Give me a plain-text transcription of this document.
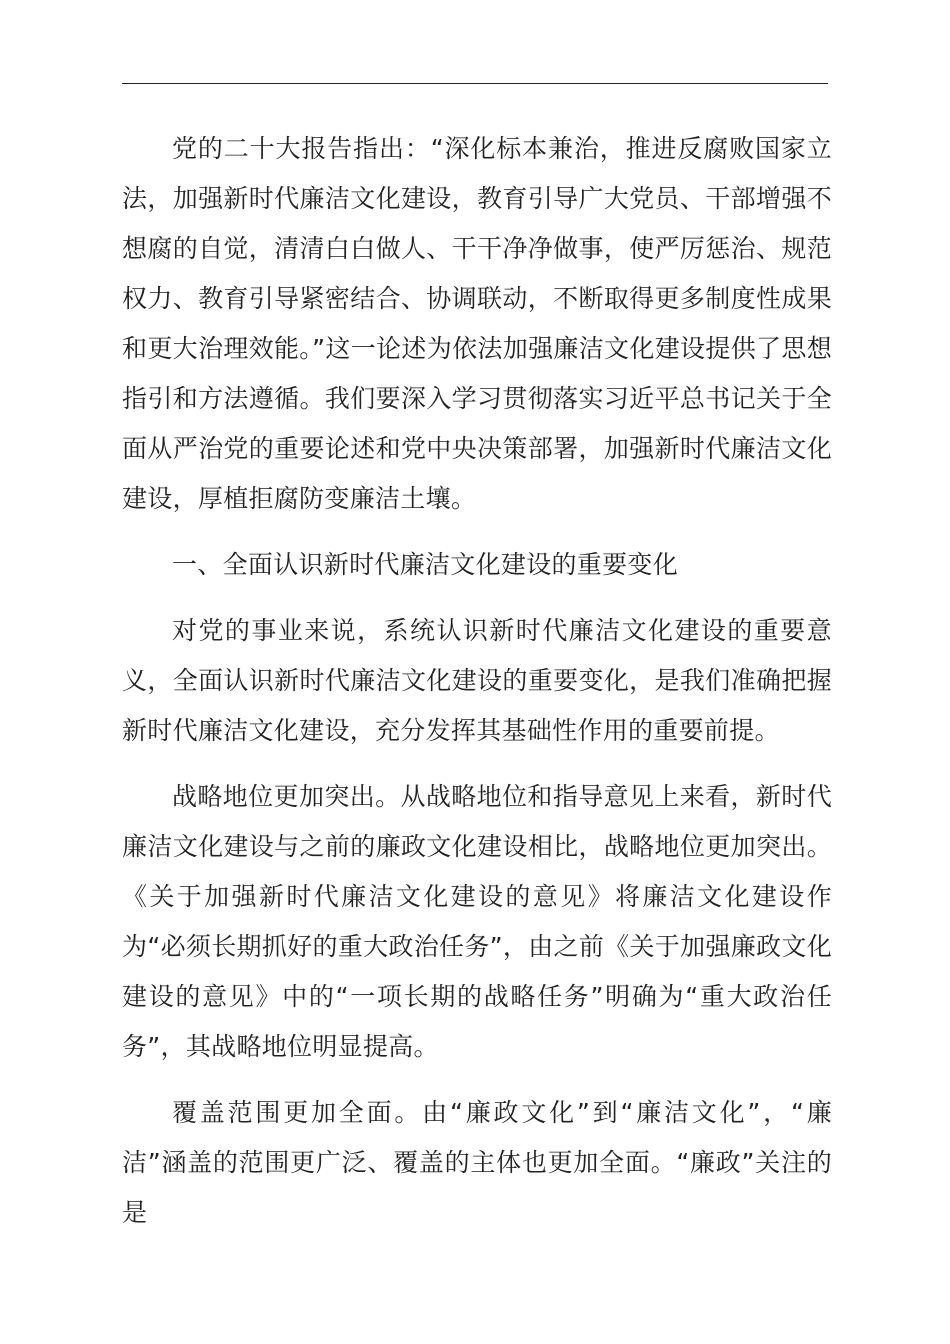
党的二十大报告指出：“深化标本兼治，推进反腐败国家立法，加强新时代廉洁文化建设，教育引导广大党员、干部增强不想腐的自觉，清清白白做人、干干净净做事，使严厉惩治、规范权力、教育引导紧密结合、协调联动，不断取得更多制度性成果和更大治理效能。”这一论述为依法加强廉洁文化建设提供了思想指引和方法遵循。我们要深入学习贯彻落实习近平总书记关于全面从严治党的重要论述和党中央决策部署，加强新时代廉洁文化建设，厚植拒腐防变廉洁土壤。

一、全面认识新时代廉洁文化建设的重要变化

对党的事业来说，系统认识新时代廉洁文化建设的重要意义，全面认识新时代廉洁文化建设的重要变化，是我们准确把握新时代廉洁文化建设，充分发挥其基础性作用的重要前提。

战略地位更加突出。从战略地位和指导意见上来看，新时代廉洁文化建设与之前的廉政文化建设相比，战略地位更加突出。《关于加强新时代廉洁文化建设的意见》将廉洁文化建设作为“必须长期抓好的重大政治任务”，由之前《关于加强廉政文化建设的意见》中的“一项长期的战略任务”明确为“重大政治任务”，其战略地位明显提高。

覆盖范围更加全面。由“廉政文化”到“廉洁文化”，“廉洁”涵盖的范围更广泛、覆盖的主体也更加全面。“廉政”关注的是
